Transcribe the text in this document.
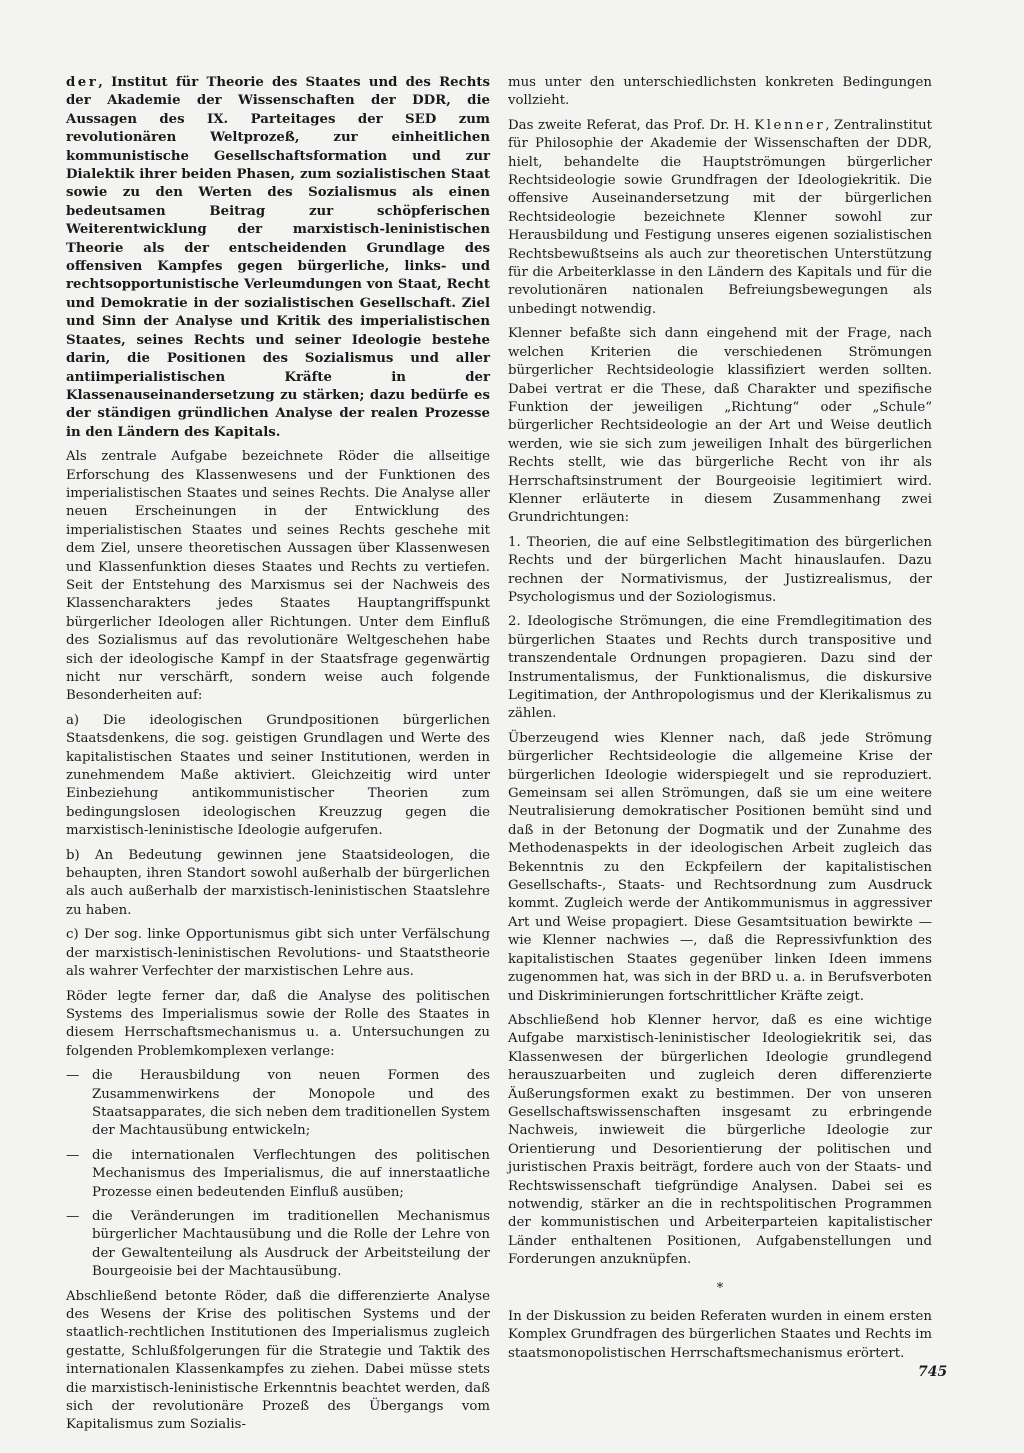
der, Institut für Theorie des Staates und des Rechts der Akademie der Wissenschaften der DDR, die Aussagen des IX. Parteitages der SED zum revolutionären Weltprozeß, zur einheitlichen kommunistische Gesellschaftsformation und zur Dialektik ihrer beiden Phasen, zum sozialistischen Staat sowie zu den Werten des Sozialismus als einen bedeutsamen Beitrag zur schöpferischen Weiterentwicklung der marxistisch-leninistischen Theorie als der entscheidenden Grundlage des offensiven Kampfes gegen bürgerliche, links- und rechtsopportunistische Verleumdungen von Staat, Recht und Demokratie in der sozialistischen Gesellschaft. Ziel und Sinn der Analyse und Kritik des imperialistischen Staates, seines Rechts und seiner Ideologie bestehe darin, die Positionen des Sozialismus und aller antiimperialistischen Kräfte in der Klassenauseinandersetzung zu stärken; dazu bedürfe es der ständigen gründlichen Analyse der realen Prozesse in den Ländern des Kapitals.

Als zentrale Aufgabe bezeichnete Röder die allseitige Erforschung des Klassenwesens und der Funktionen des imperialistischen Staates und seines Rechts. Die Analyse aller neuen Erscheinungen in der Entwicklung des imperialistischen Staates und seines Rechts geschehe mit dem Ziel, unsere theoretischen Aussagen über Klassenwesen und Klassenfunktion dieses Staates und Rechts zu vertiefen. Seit der Entstehung des Marxismus sei der Nachweis des Klassencharakters jedes Staates Hauptangriffspunkt bürgerlicher Ideologen aller Richtungen. Unter dem Einfluß des Sozialismus auf das revolutionäre Weltgeschehen habe sich der ideologische Kampf in der Staatsfrage gegenwärtig nicht nur verschärft, sondern weise auch folgende Besonderheiten auf:

a) Die ideologischen Grundpositionen bürgerlichen Staatsdenkens, die sog. geistigen Grundlagen und Werte des kapitalistischen Staates und seiner Institutionen, werden in zunehmendem Maße aktiviert. Gleichzeitig wird unter Einbeziehung antikommunistischer Theorien zum bedingungslosen ideologischen Kreuzzug gegen die marxistisch-leninistische Ideologie aufgerufen.

b) An Bedeutung gewinnen jene Staatsideologen, die behaupten, ihren Standort sowohl außerhalb der bürgerlichen als auch außerhalb der marxistisch-leninistischen Staatslehre zu haben.

c) Der sog. linke Opportunismus gibt sich unter Verfälschung der marxistisch-leninistischen Revolutions- und Staatstheorie als wahrer Verfechter der marxistischen Lehre aus.

Röder legte ferner dar, daß die Analyse des politischen Systems des Imperialismus sowie der Rolle des Staates in diesem Herrschaftsmechanismus u. a. Untersuchungen zu folgenden Problemkomplexen verlange:

— die Herausbildung von neuen Formen des Zusammenwirkens der Monopole und des Staatsapparates, die sich neben dem traditionellen System der Machtausübung entwickeln;
— die internationalen Verflechtungen des politischen Mechanismus des Imperialismus, die auf innerstaatliche Prozesse einen bedeutenden Einfluß ausüben;
— die Veränderungen im traditionellen Mechanismus bürgerlicher Machtausübung und die Rolle der Lehre von der Gewaltenteilung als Ausdruck der Arbeitsteilung der Bourgeoisie bei der Machtausübung.

Abschließend betonte Röder, daß die differenzierte Analyse des Wesens der Krise des politischen Systems und der staatlich-rechtlichen Institutionen des Imperialismus zugleich gestatte, Schlußfolgerungen für die Strategie und Taktik des internationalen Klassenkampfes zu ziehen. Dabei müsse stets die marxistisch-leninistische Erkenntnis beachtet werden, daß sich der revolutionäre Prozeß des Übergangs vom Kapitalismus zum Sozialis-

mus unter den unterschiedlichsten konkreten Bedingungen vollzieht.

Das zweite Referat, das Prof. Dr. H. Klenner, Zentralinstitut für Philosophie der Akademie der Wissenschaften der DDR, hielt, behandelte die Hauptströmungen bürgerlicher Rechtsideologie sowie Grundfragen der Ideologiekritik. Die offensive Auseinandersetzung mit der bürgerlichen Rechtsideologie bezeichnete Klenner sowohl zur Herausbildung und Festigung unseres eigenen sozialistischen Rechtsbewußtseins als auch zur theoretischen Unterstützung für die Arbeiterklasse in den Ländern des Kapitals und für die revolutionären nationalen Befreiungsbewegungen als unbedingt notwendig.

Klenner befaßte sich dann eingehend mit der Frage, nach welchen Kriterien die verschiedenen Strömungen bürgerlicher Rechtsideologie klassifiziert werden sollten. Dabei vertrat er die These, daß Charakter und spezifische Funktion der jeweiligen „Richtung“ oder „Schule“ bürgerlicher Rechtsideologie an der Art und Weise deutlich werden, wie sie sich zum jeweiligen Inhalt des bürgerlichen Rechts stellt, wie das bürgerliche Recht von ihr als Herrschaftsinstrument der Bourgeoisie legitimiert wird. Klenner erläuterte in diesem Zusammenhang zwei Grundrichtungen:

1. Theorien, die auf eine Selbstlegitimation des bürgerlichen Rechts und der bürgerlichen Macht hinauslaufen. Dazu rechnen der Normativismus, der Justizrealismus, der Psychologismus und der Soziologismus.

2. Ideologische Strömungen, die eine Fremdlegitimation des bürgerlichen Staates und Rechts durch transpositive und transzendentale Ordnungen propagieren. Dazu sind der Instrumentalismus, der Funktionalismus, die diskursive Legitimation, der Anthropologismus und der Klerikalismus zu zählen.

Überzeugend wies Klenner nach, daß jede Strömung bürgerlicher Rechtsideologie die allgemeine Krise der bürgerlichen Ideologie widerspiegelt und sie reproduziert. Gemeinsam sei allen Strömungen, daß sie um eine weitere Neutralisierung demokratischer Positionen bemüht sind und daß in der Betonung der Dogmatik und der Zunahme des Methodenaspekts in der ideologischen Arbeit zugleich das Bekenntnis zu den Eckpfeilern der kapitalistischen Gesellschafts-, Staats- und Rechtsordnung zum Ausdruck kommt. Zugleich werde der Antikommunismus in aggressiver Art und Weise propagiert. Diese Gesamtsituation bewirkte — wie Klenner nachwies —, daß die Repressivfunktion des kapitalistischen Staates gegenüber linken Ideen immens zugenommen hat, was sich in der BRD u. a. in Berufsverboten und Diskriminierungen fortschrittlicher Kräfte zeigt.

Abschließend hob Klenner hervor, daß es eine wichtige Aufgabe marxistisch-leninistischer Ideologiekritik sei, das Klassenwesen der bürgerlichen Ideologie grundlegend herauszuarbeiten und zugleich deren differenzierte Äußerungsformen exakt zu bestimmen. Der von unseren Gesellschaftswissenschaften insgesamt zu erbringende Nachweis, inwieweit die bürgerliche Ideologie zur Orientierung und Desorientierung der politischen und juristischen Praxis beiträgt, fordere auch von der Staats- und Rechtswissenschaft tiefgründige Analysen. Dabei sei es notwendig, stärker an die in rechtspolitischen Programmen der kommunistischen und Arbeiterparteien kapitalistischer Länder enthaltenen Positionen, Aufgabenstellungen und Forderungen anzuknüpfen.

*

In der Diskussion zu beiden Referaten wurden in einem ersten Komplex Grundfragen des bürgerlichen Staates und Rechts im staatsmonopolistischen Herrschaftsmechanismus erörtert.

745
